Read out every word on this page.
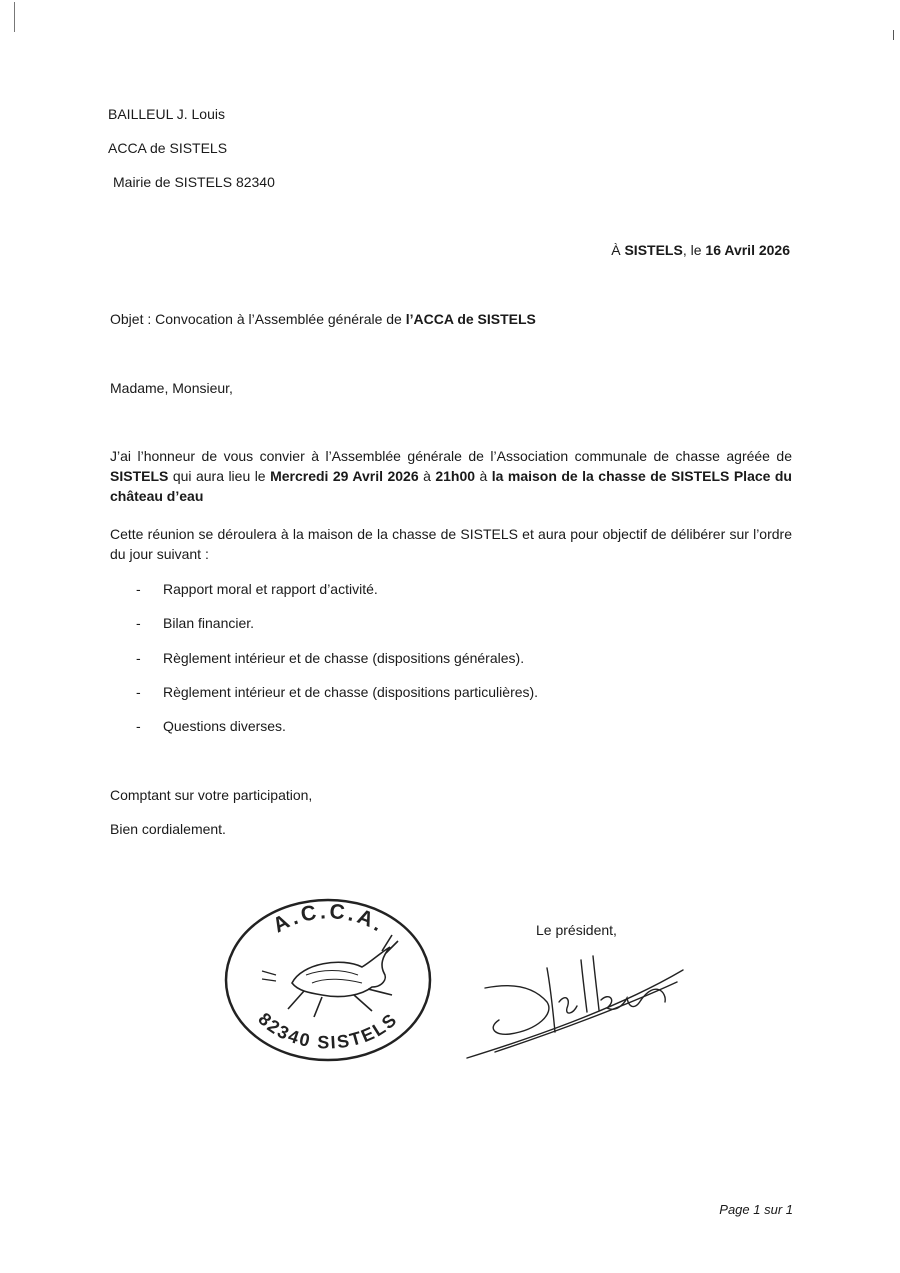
BAILLEUL J. Louis
ACCA de SISTELS
Mairie de SISTELS 82340
À SISTELS, le 16 Avril 2026
Objet : Convocation à l’Assemblée générale de l’ACCA de SISTELS
Madame, Monsieur,
J’ai l’honneur de vous convier à l’Assemblée générale de l’Association communale de chasse agréée de SISTELS qui aura lieu le Mercredi 29 Avril 2026 à 21h00 à la maison de la chasse de SISTELS Place du château d’eau
Cette réunion se déroulera à la maison de la chasse de SISTELS et aura pour objectif de délibérer sur l’ordre du jour suivant :
- Rapport moral et rapport d’activité.
- Bilan financier.
- Règlement intérieur et de chasse (dispositions générales).
- Règlement intérieur et de chasse (dispositions particulières).
- Questions diverses.
Comptant sur votre participation,
Bien cordialement.
A.C.C.A.
82340 SISTELS
Le président,
Page 1 sur 1
